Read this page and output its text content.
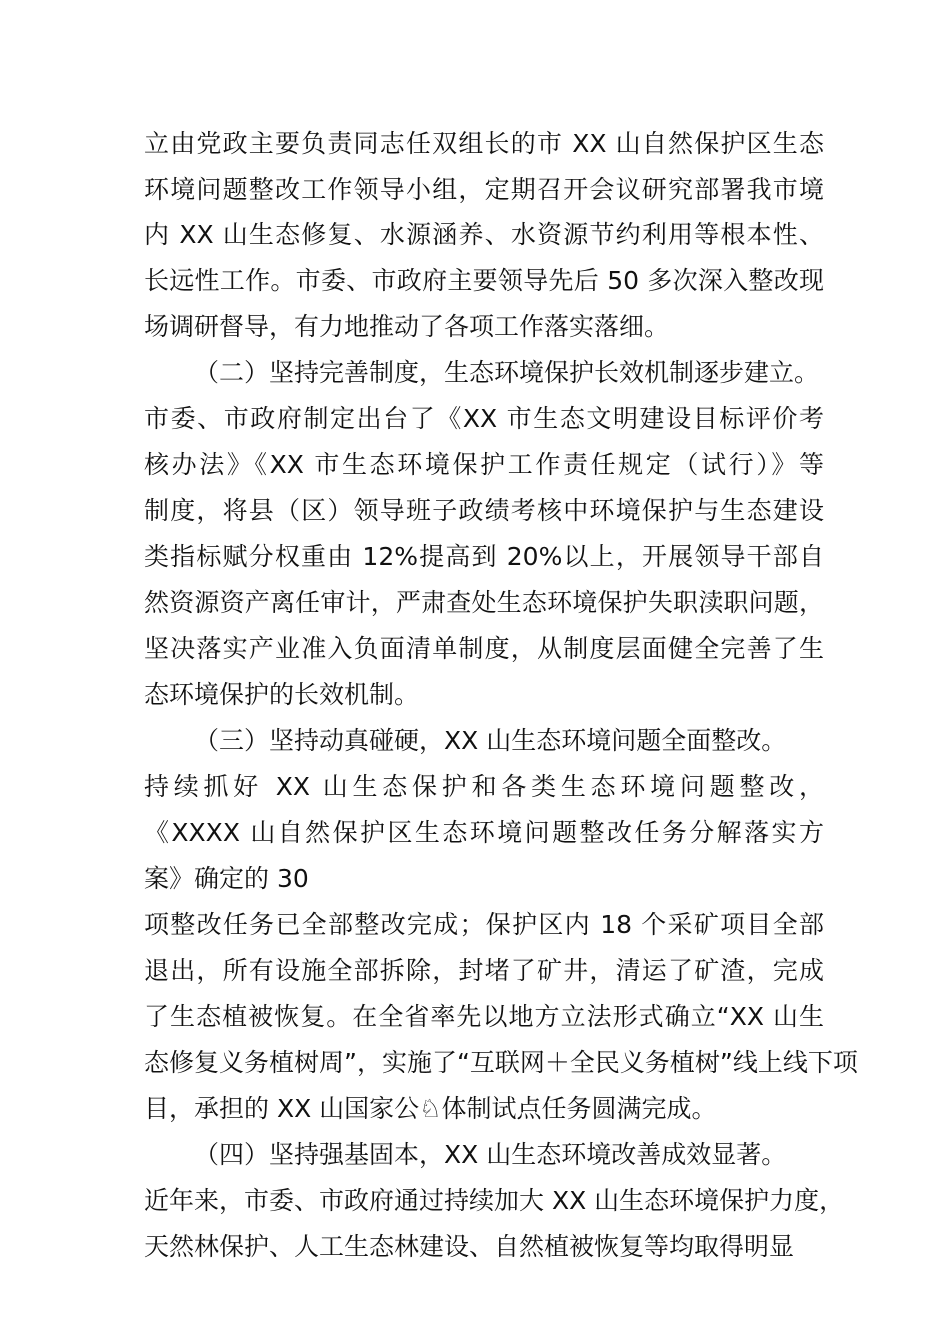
立由党政主要负责同志任双组长的市 XX 山自然保护区生态
环境问题整改工作领导小组，定期召开会议研究部署我市境
内 XX 山生态修复、水源涵养、水资源节约利用等根本性、
长远性工作。市委、市政府主要领导先后 50 多次深入整改现
场调研督导，有力地推动了各项工作落实落细。
（二）坚持完善制度，生态环境保护长效机制逐步建立。
市委、市政府制定出台了《XX 市生态文明建设目标评价考
核办法》《XX 市生态环境保护工作责任规定（试行）》等
制度，将县（区）领导班子政绩考核中环境保护与生态建设
类指标赋分权重由 12%提高到 20%以上，开展领导干部自
然资源资产离任审计，严肃查处生态环境保护失职渎职问题，
坚决落实产业准入负面清单制度，从制度层面健全完善了生
态环境保护的长效机制。
（三）坚持动真碰硬，XX 山生态环境问题全面整改。
持续抓好 XX 山生态保护和各类生态环境问题整改，
《XXXX 山自然保护区生态环境问题整改任务分解落实方
案》确定的 30
项整改任务已全部整改完成；保护区内 18 个采矿项目全部
退出，所有设施全部拆除，封堵了矿井，清运了矿渣，完成
了生态植被恢复。在全省率先以地方立法形式确立“XX 山生
态修复义务植树周”，实施了“互联网＋全民义务植树”线上线下项
目，承担的 XX 山国家公♘体制试点任务圆满完成。
（四）坚持强基固本，XX 山生态环境改善成效显著。
近年来，市委、市政府通过持续加大 XX 山生态环境保护力度，
天然林保护、人工生态林建设、自然植被恢复等均取得明显
